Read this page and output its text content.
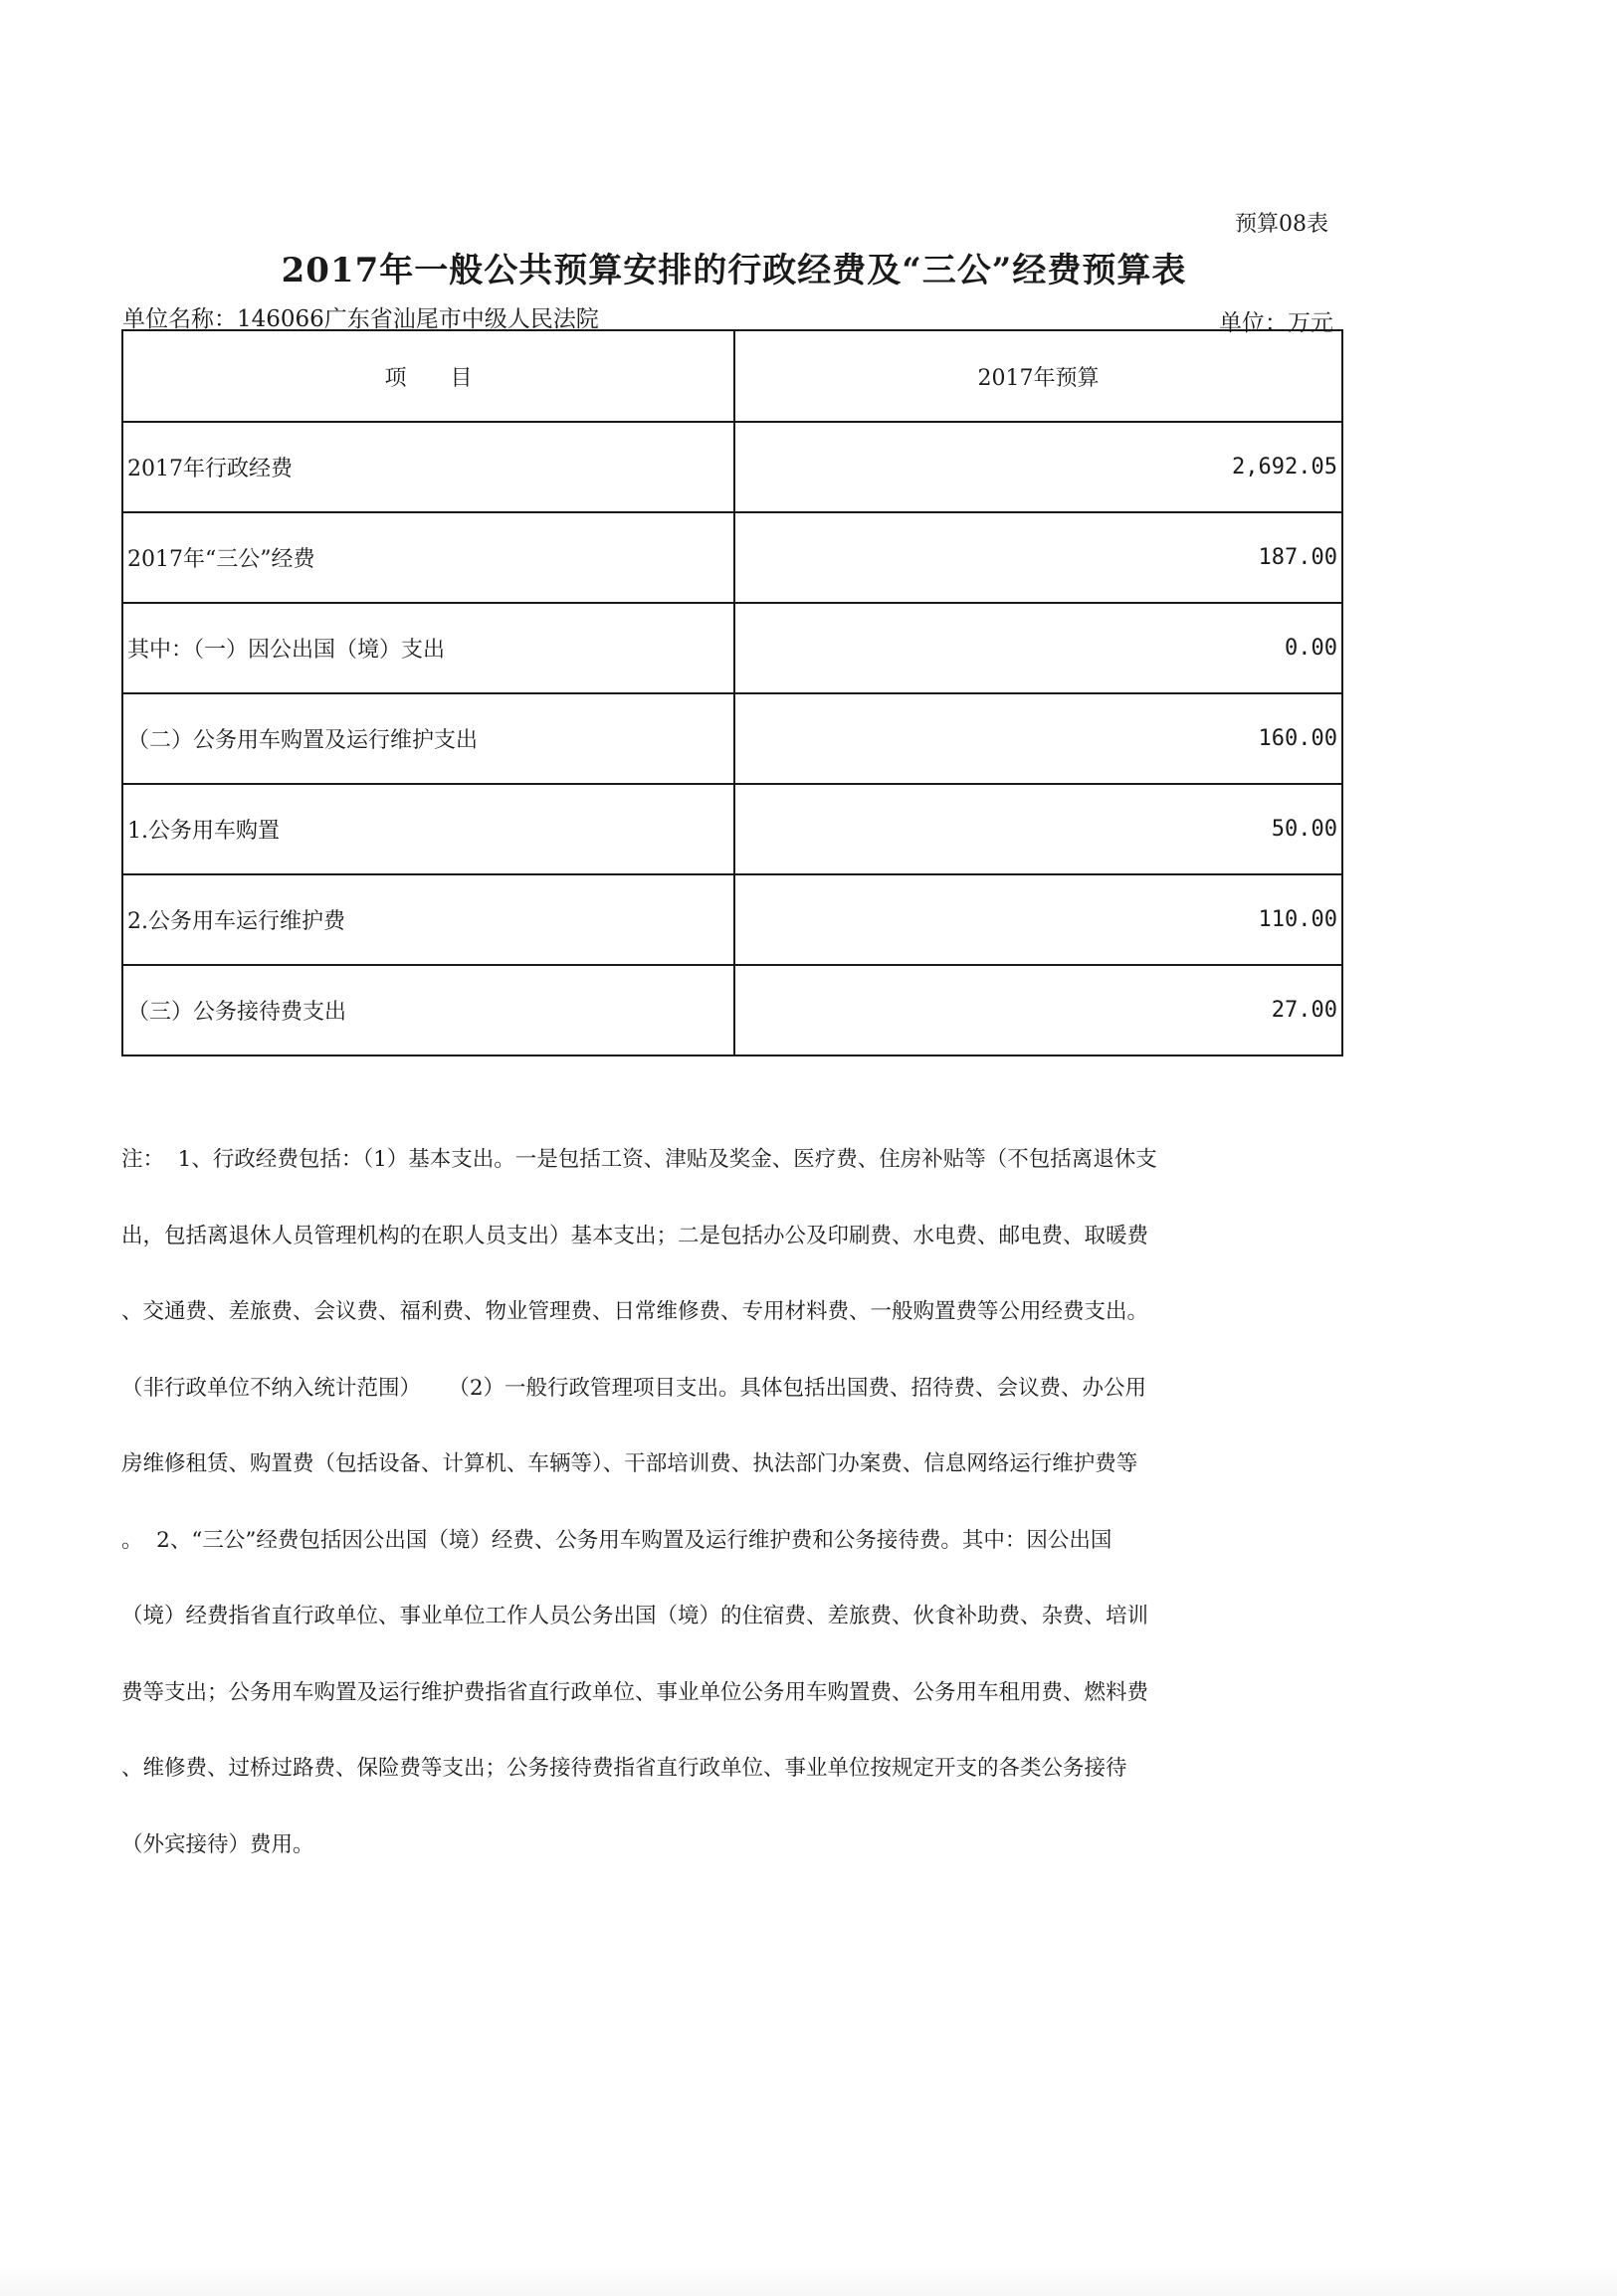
预算08表
2017年一般公共预算安排的行政经费及“三公”经费预算表
单位名称：146066广东省汕尾市中级人民法院	单位：万元
项　　目	2017年预算
2017年行政经费	2,692.05
2017年“三公”经费	187.00
其中：（一）因公出国（境）支出	0.00
（二）公务用车购置及运行维护支出	160.00
1.公务用车购置	50.00
2.公务用车运行维护费	110.00
（三）公务接待费支出	27.00

注：  1、行政经费包括：（1）基本支出。一是包括工资、津贴及奖金、医疗费、住房补贴等（不包括离退休支

出，包括离退休人员管理机构的在职人员支出）基本支出；二是包括办公及印刷费、水电费、邮电费、取暖费

、交通费、差旅费、会议费、福利费、物业管理费、日常维修费、专用材料费、一般购置费等公用经费支出。

（非行政单位不纳入统计范围）    （2）一般行政管理项目支出。具体包括出国费、招待费、会议费、办公用

房维修租赁、购置费（包括设备、计算机、车辆等）、干部培训费、执法部门办案费、信息网络运行维护费等

。  2、“三公”经费包括因公出国（境）经费、公务用车购置及运行维护费和公务接待费。其中：因公出国

（境）经费指省直行政单位、事业单位工作人员公务出国（境）的住宿费、差旅费、伙食补助费、杂费、培训

费等支出；公务用车购置及运行维护费指省直行政单位、事业单位公务用车购置费、公务用车租用费、燃料费

、维修费、过桥过路费、保险费等支出；公务接待费指省直行政单位、事业单位按规定开支的各类公务接待

（外宾接待）费用。
